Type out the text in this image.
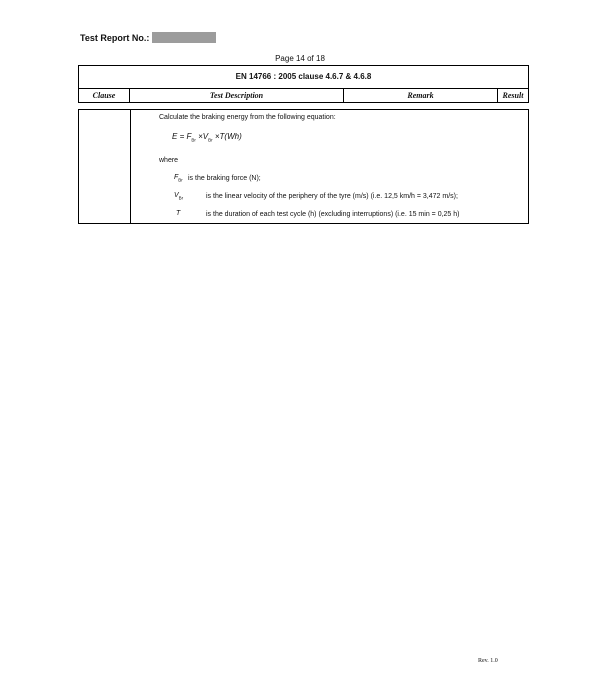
Test Report No.:
Page 14 of 18
EN 14766 : 2005 clause 4.6.7 & 4.6.8
Clause	Test Description	Remark	Result
Calculate the braking energy from the following equation:
$E = F_{Br} \times V_{Br} \times T(Wh)$
where
$F_{Br}$ is the braking force (N);
$V_{Br}$	is the linear velocity of the periphery of the tyre (m/s) (i.e. 12,5 km/h = 3,472 m/s);
T	is the duration of each test cycle (h) (excluding interruptions) (i.e. 15 min = 0,25 h)
Rev. 1.0
